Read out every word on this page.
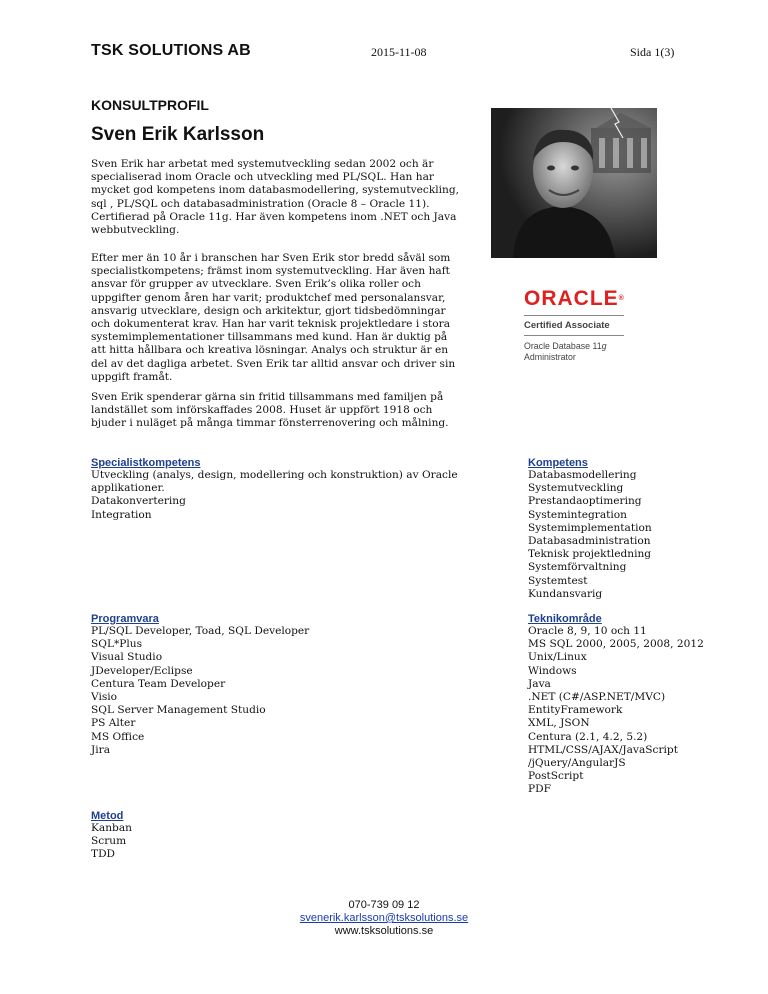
TSK SOLUTIONS AB	2015-11-08	Sida 1(3)
KONSULTPROFIL
Sven Erik Karlsson
Sven Erik har arbetat med systemutveckling sedan 2002 och är specialiserad inom Oracle och utveckling med PL/SQL. Han har mycket god kompetens inom databasmodellering, systemutveckling, sql , PL/SQL och databasadministration (Oracle 8 – Oracle 11). Certifierad på Oracle 11g. Har även kompetens inom .NET och Java webbutveckling.
Efter mer än 10 år i branschen har Sven Erik stor bredd såväl som specialistkompetens; främst inom systemutveckling. Har även haft ansvar för grupper av utvecklare. Sven Erik’s olika roller och uppgifter genom åren har varit; produktchef med personalansvar, ansvarig utvecklare, design och arkitektur, gjort tidsbedömningar och dokumenterat krav. Han har varit teknisk projektledare i stora systemimplementationer tillsammans med kund. Han är duktig på att hitta hållbara och kreativa lösningar. Analys och struktur är en del av det dagliga arbetet. Sven Erik tar alltid ansvar och driver sin uppgift framåt.
Sven Erik spenderar gärna sin fritid tillsammans med familjen på landstället som införskaffades 2008. Huset är uppfört 1918 och bjuder i nuläget på många timmar fönsterrenovering och målning.
ORACLE®
Certified Associate
Oracle Database 11g
Administrator
Specialistkompetens
Utveckling (analys, design, modellering och konstruktion) av Oracle
applikationer.
Datakonvertering
Integration
Kompetens
Databasmodellering
Systemutveckling
Prestandaoptimering
Systemintegration
Systemimplementation
Databasadministration
Teknisk projektledning
Systemförvaltning
Systemtest
Kundansvarig
Programvara
PL/SQL Developer, Toad, SQL Developer
SQL*Plus
Visual Studio
JDeveloper/Eclipse
Centura Team Developer
Visio
SQL Server Management Studio
PS Alter
MS Office
Jira
Teknikområde
Oracle 8, 9, 10 och 11
MS SQL 2000, 2005, 2008, 2012
Unix/Linux
Windows
Java
.NET (C#/ASP.NET/MVC)
EntityFramework
XML, JSON
Centura (2.1, 4.2, 5.2)
HTML/CSS/AJAX/JavaScript
/jQuery/AngularJS
PostScript
PDF
Metod
Kanban
Scrum
TDD
070-739 09 12
svenerik.karlsson@tsksolutions.se
www.tsksolutions.se
